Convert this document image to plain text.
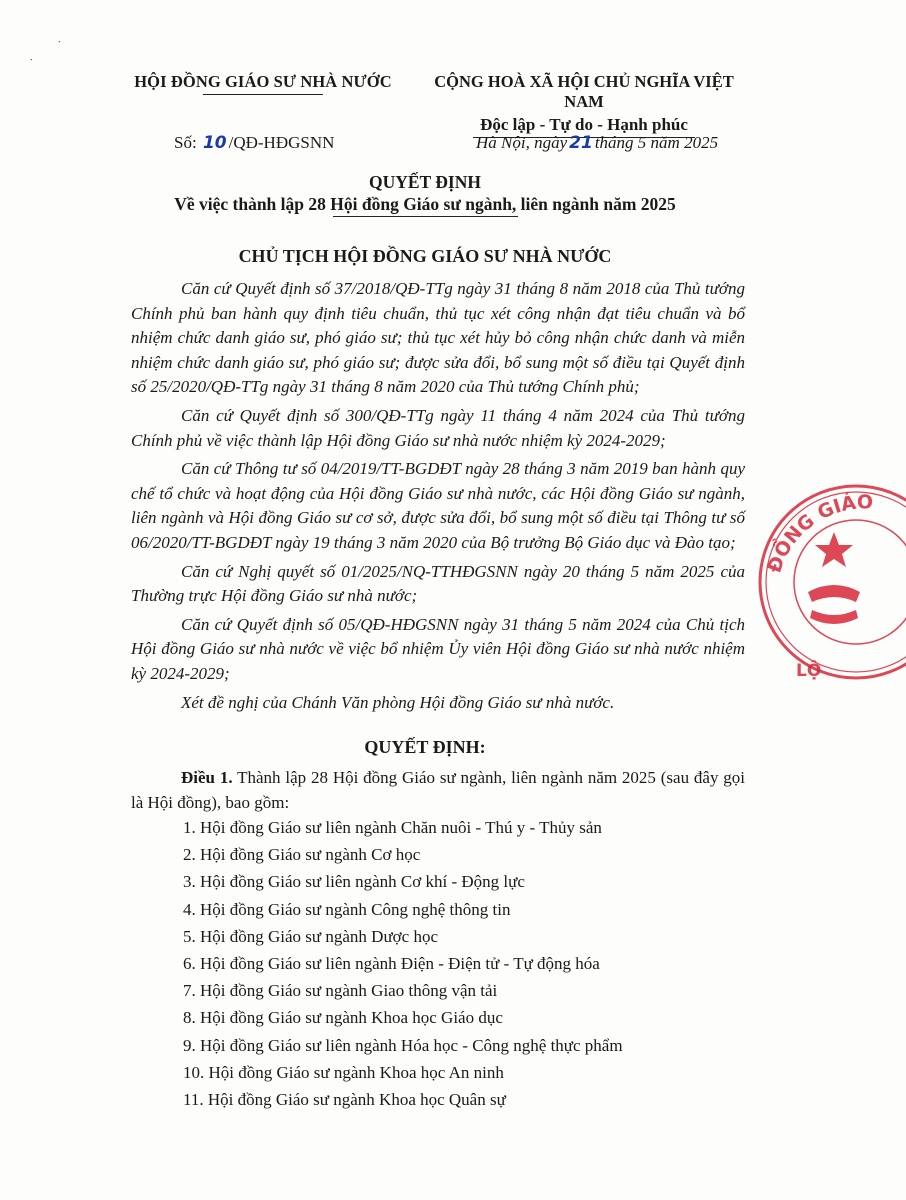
ˑ
ˑ
HỘI ĐỒNG GIÁO SƯ NHÀ NƯỚC	CỘNG HOÀ XÃ HỘI CHỦ NGHĨA VIỆT NAM
Độc lập - Tự do - Hạnh phúc
Số: 10 /QĐ-HĐGSNN	Hà Nội, ngày 21 tháng 5 năm 2025
QUYẾT ĐỊNH
Về việc thành lập 28 Hội đồng Giáo sư ngành, liên ngành năm 2025
CHỦ TỊCH HỘI ĐỒNG GIÁO SƯ NHÀ NƯỚC

Căn cứ Quyết định số 37/2018/QĐ-TTg ngày 31 tháng 8 năm 2018 của Thủ tướng Chính phủ ban hành quy định tiêu chuẩn, thủ tục xét công nhận đạt tiêu chuẩn và bổ nhiệm chức danh giáo sư, phó giáo sư; thủ tục xét hủy bỏ công nhận chức danh và miễn nhiệm chức danh giáo sư, phó giáo sư; được sửa đổi, bổ sung một số điều tại Quyết định số 25/2020/QĐ-TTg ngày 31 tháng 8 năm 2020 của Thủ tướng Chính phủ;

Căn cứ Quyết định số 300/QĐ-TTg ngày 11 tháng 4 năm 2024 của Thủ tướng Chính phủ về việc thành lập Hội đồng Giáo sư nhà nước nhiệm kỳ 2024-2029;

Căn cứ Thông tư số 04/2019/TT-BGDĐT ngày 28 tháng 3 năm 2019 ban hành quy chế tổ chức và hoạt động của Hội đồng Giáo sư nhà nước, các Hội đồng Giáo sư ngành, liên ngành và Hội đồng Giáo sư cơ sở, được sửa đổi, bổ sung một số điều tại Thông tư số 06/2020/TT-BGDĐT ngày 19 tháng 3 năm 2020 của Bộ trưởng Bộ Giáo dục và Đào tạo;

Căn cứ Nghị quyết số 01/2025/NQ-TTHĐGSNN ngày 20 tháng 5 năm 2025 của Thường trực Hội đồng Giáo sư nhà nước;

Căn cứ Quyết định số 05/QĐ-HĐGSNN ngày 31 tháng 5 năm 2024 của Chủ tịch Hội đồng Giáo sư nhà nước về việc bổ nhiệm Ủy viên Hội đồng Giáo sư nhà nước nhiệm kỳ 2024-2029;

Xét đề nghị của Chánh Văn phòng Hội đồng Giáo sư nhà nước.

QUYẾT ĐỊNH:
Điều 1. Thành lập 28 Hội đồng Giáo sư ngành, liên ngành năm 2025 (sau đây gọi là Hội đồng), bao gồm:
1. Hội đồng Giáo sư liên ngành Chăn nuôi - Thú y - Thủy sản
2. Hội đồng Giáo sư ngành Cơ học
3. Hội đồng Giáo sư liên ngành Cơ khí - Động lực
4. Hội đồng Giáo sư ngành Công nghệ thông tin
5. Hội đồng Giáo sư ngành Dược học
6. Hội đồng Giáo sư liên ngành Điện - Điện tử - Tự động hóa
7. Hội đồng Giáo sư ngành Giao thông vận tải
8. Hội đồng Giáo sư ngành Khoa học Giáo dục
9. Hội đồng Giáo sư liên ngành Hóa học - Công nghệ thực phẩm
10. Hội đồng Giáo sư ngành Khoa học An ninh
11. Hội đồng Giáo sư ngành Khoa học Quân sự
ĐỒNG GIÁO
LỘ
